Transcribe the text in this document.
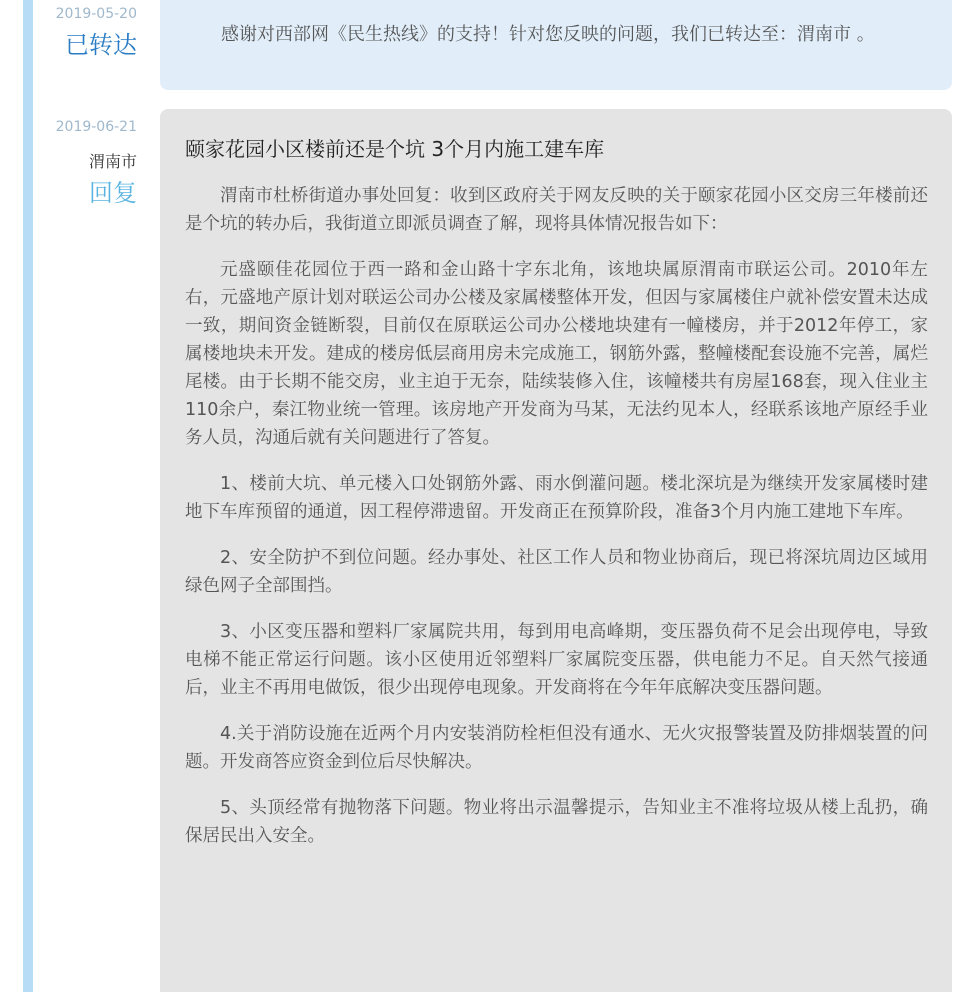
2019-05-20
已转达	感谢对西部网《民生热线》的支持！针对您反映的问题，我们已转达至：渭南市 。

2019-06-21
渭南市
回复
颐家花园小区楼前还是个坑 3个月内施工建车库

渭南市杜桥街道办事处回复：收到区政府关于网友反映的关于颐家花园小区交房三年楼前还是个坑的转办后，我街道立即派员调查了解，现将具体情况报告如下：

元盛颐佳花园位于西一路和金山路十字东北角，该地块属原渭南市联运公司。2010年左右，元盛地产原计划对联运公司办公楼及家属楼整体开发，但因与家属楼住户就补偿安置未达成一致，期间资金链断裂，目前仅在原联运公司办公楼地块建有一幢楼房，并于2012年停工，家属楼地块未开发。建成的楼房低层商用房未完成施工，钢筋外露，整幢楼配套设施不完善，属烂尾楼。由于长期不能交房，业主迫于无奈，陆续装修入住，该幢楼共有房屋168套，现入住业主110余户，秦江物业统一管理。该房地产开发商为马某，无法约见本人，经联系该地产原经手业务人员，沟通后就有关问题进行了答复。

1、楼前大坑、单元楼入口处钢筋外露、雨水倒灌问题。楼北深坑是为继续开发家属楼时建地下车库预留的通道，因工程停滞遗留。开发商正在预算阶段，准备3个月内施工建地下车库。

2、安全防护不到位问题。经办事处、社区工作人员和物业协商后，现已将深坑周边区域用绿色网子全部围挡。

3、小区变压器和塑料厂家属院共用，每到用电高峰期，变压器负荷不足会出现停电，导致电梯不能正常运行问题。该小区使用近邻塑料厂家属院变压器，供电能力不足。自天然气接通后，业主不再用电做饭，很少出现停电现象。开发商将在今年年底解决变压器问题。

4.关于消防设施在近两个月内安装消防栓柜但没有通水、无火灾报警装置及防排烟装置的问题。开发商答应资金到位后尽快解决。

5、头顶经常有抛物落下问题。物业将出示温馨提示，告知业主不准将垃圾从楼上乱扔，确保居民出入安全。
